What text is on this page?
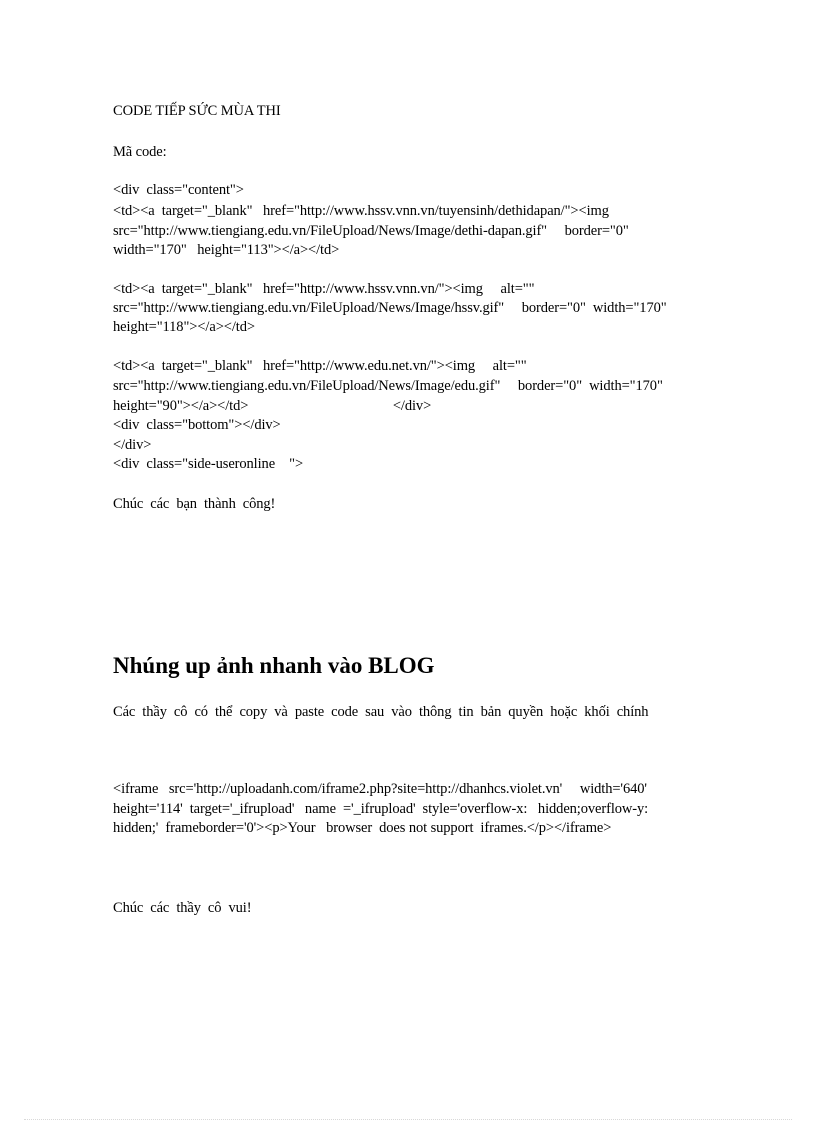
CODE TIẾP SỨC MÙA THI
Mã code:
<div  class="content">
<td><a  target="_blank"   href="http://www.hssv.vnn.vn/tuyensinh/dethidapan/"><img
src="http://www.tiengiang.edu.vn/FileUpload/News/Image/dethi-dapan.gif"     border="0"
width="170"   height="113"></a></td>
<td><a  target="_blank"   href="http://www.hssv.vnn.vn/"><img     alt=""
src="http://www.tiengiang.edu.vn/FileUpload/News/Image/hssv.gif"     border="0"  width="170"
height="118"></a></td>
<td><a  target="_blank"   href="http://www.edu.net.vn/"><img     alt=""
src="http://www.tiengiang.edu.vn/FileUpload/News/Image/edu.gif"     border="0"  width="170"
height="90"></a></td>                                         </div>
<div  class="bottom"></div>
</div>
<div  class="side-useronline    ">
Chúc  các  bạn  thành  công!
Nhúng up ảnh nhanh vào BLOG
Các  thầy  cô  có  thể  copy  và  paste  code  sau  vào  thông  tin  bản  quyền  hoặc  khối  chính
<iframe   src='http://uploadanh.com/iframe2.php?site=http://dhanhcs.violet.vn'     width='640'
height='114'  target='_ifrupload'   name  ='_ifrupload'  style='overflow-x:   hidden;overflow-y:
hidden;'  frameborder='0'><p>Your   browser  does not support  iframes.</p></iframe>
Chúc  các  thầy  cô  vui!
